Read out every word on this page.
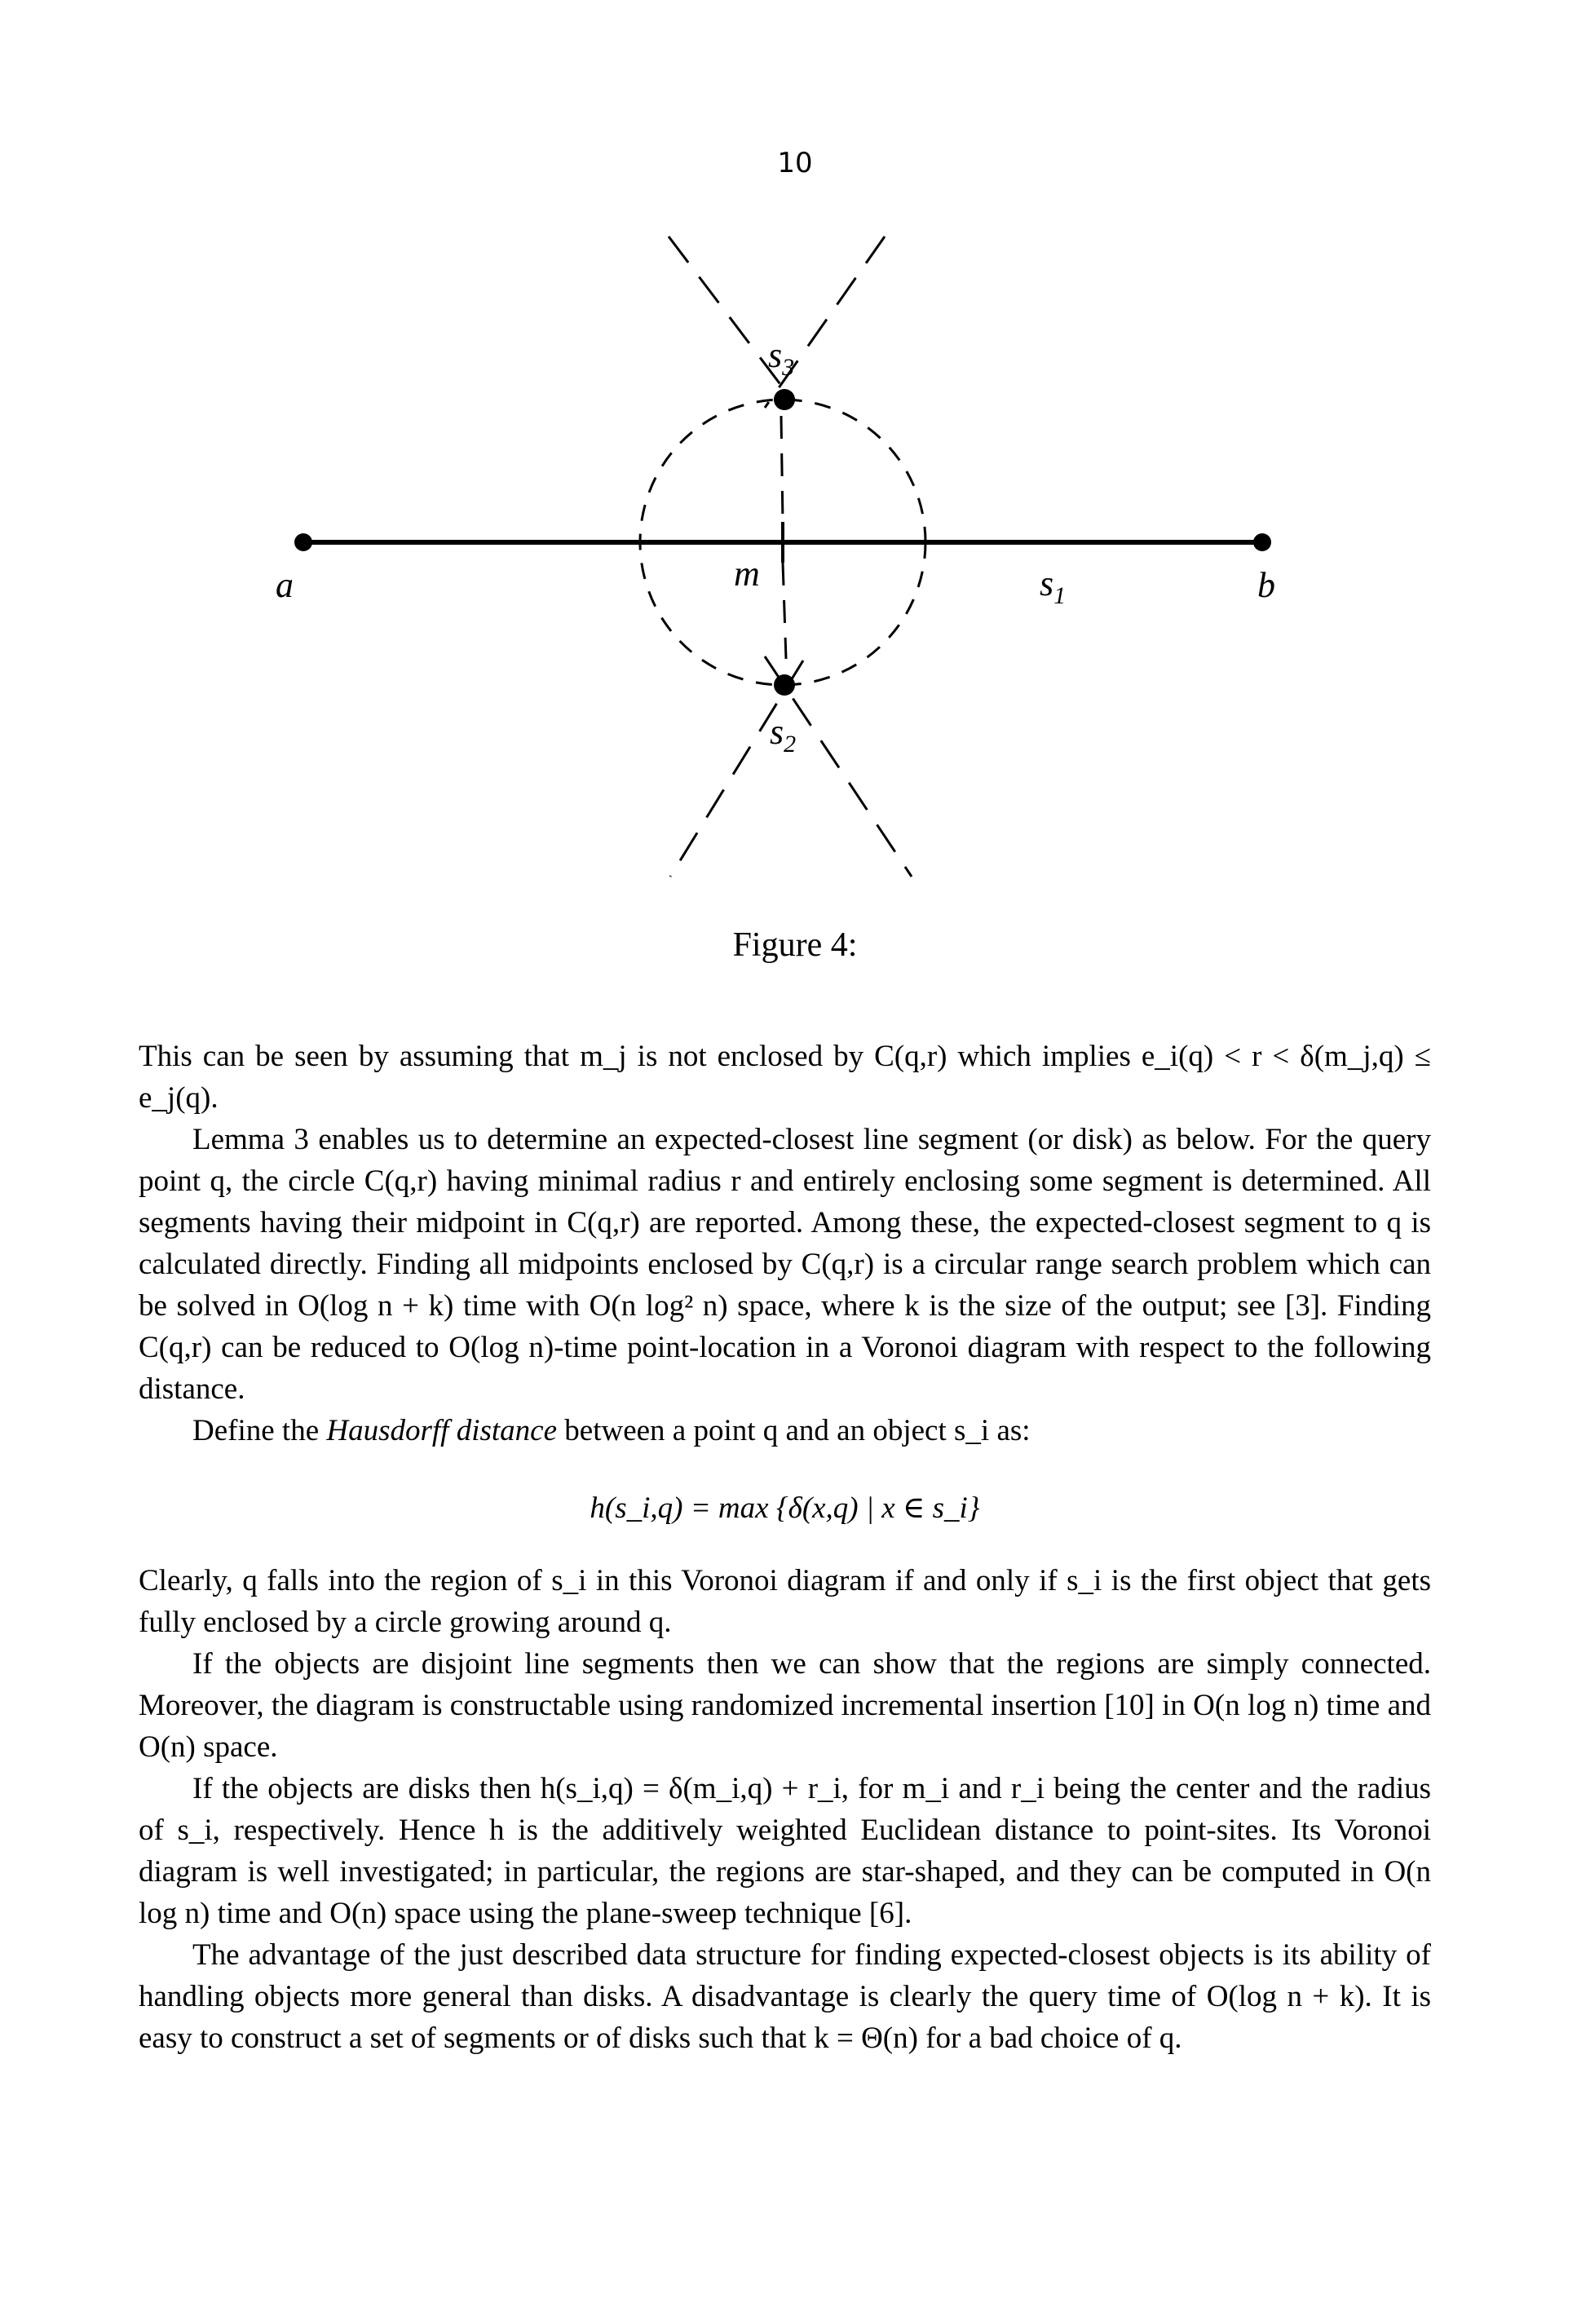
10
a	b
m	$s_1$
$s_2$
$s_3$
Figure 4:

This can be seen by assuming that m_j is not enclosed by C(q,r) which implies e_i(q) < r < δ(m_j,q) ≤ e_j(q).

Lemma 3 enables us to determine an expected-closest line segment (or disk) as below. For the query point q, the circle C(q,r) having minimal radius r and entirely enclosing some segment is determined. All segments having their midpoint in C(q,r) are reported. Among these, the expected-closest segment to q is calculated directly. Finding all midpoints enclosed by C(q,r) is a circular range search problem which can be solved in O(log n + k) time with O(n log² n) space, where k is the size of the output; see [3]. Finding C(q,r) can be reduced to O(log n)-time point-location in a Voronoi diagram with respect to the following distance.

Define the Hausdorff distance between a point q and an object s_i as:

h(s_i,q) = max {δ(x,q) | x ∈ s_i}

Clearly, q falls into the region of s_i in this Voronoi diagram if and only if s_i is the first object that gets fully enclosed by a circle growing around q.

If the objects are disjoint line segments then we can show that the regions are simply connected. Moreover, the diagram is constructable using randomized incremental insertion [10] in O(n log n) time and O(n) space.

If the objects are disks then h(s_i,q) = δ(m_i,q) + r_i, for m_i and r_i being the center and the radius of s_i, respectively. Hence h is the additively weighted Euclidean distance to point-sites. Its Voronoi diagram is well investigated; in particular, the regions are star-shaped, and they can be computed in O(n log n) time and O(n) space using the plane-sweep technique [6].

The advantage of the just described data structure for finding expected-closest objects is its ability of handling objects more general than disks. A disadvantage is clearly the query time of O(log n + k). It is easy to construct a set of segments or of disks such that k = Θ(n) for a bad choice of q.
